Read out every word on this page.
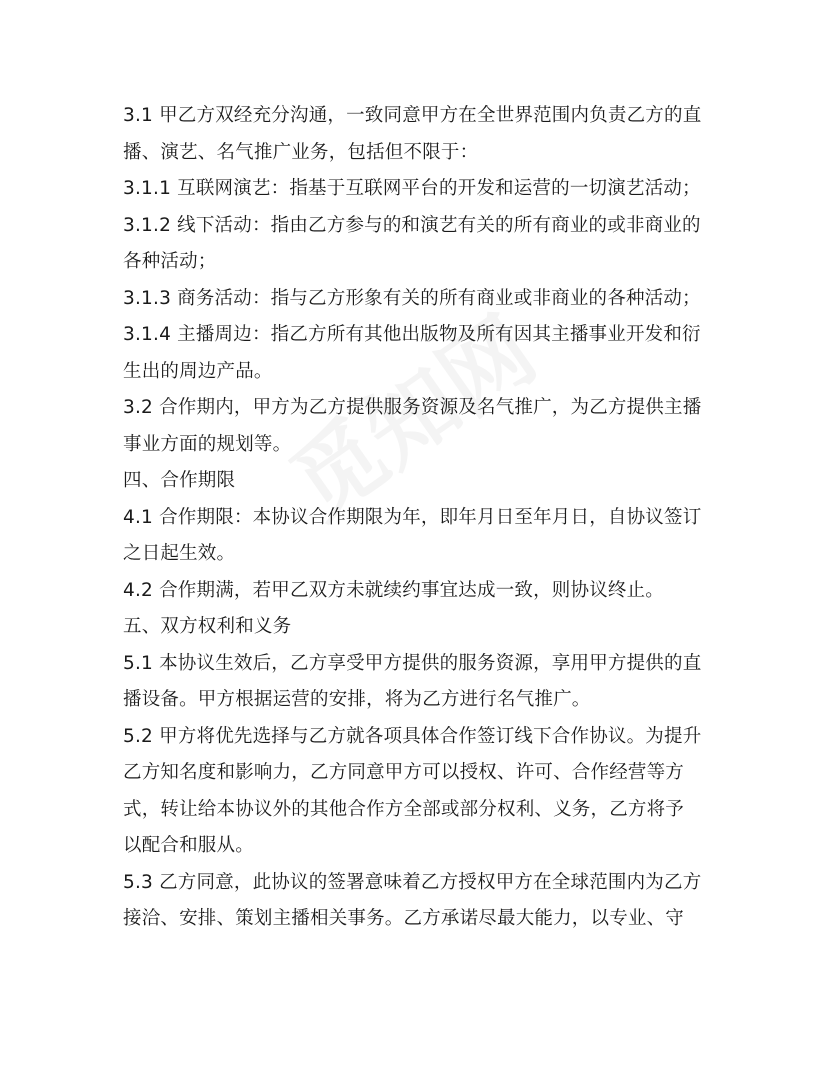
3.1 甲乙方双经充分沟通，一致同意甲方在全世界范围内负责乙方的直
播、演艺、名气推广业务，包括但不限于：
3.1.1 互联网演艺：指基于互联网平台的开发和运营的一切演艺活动；
3.1.2 线下活动：指由乙方参与的和演艺有关的所有商业的或非商业的
各种活动；
3.1.3 商务活动：指与乙方形象有关的所有商业或非商业的各种活动；
3.1.4 主播周边：指乙方所有其他出版物及所有因其主播事业开发和衍
生出的周边产品。
3.2 合作期内，甲方为乙方提供服务资源及名气推广，为乙方提供主播
事业方面的规划等。
四、合作期限
4.1 合作期限：本协议合作期限为年，即年月日至年月日，自协议签订
之日起生效。
4.2 合作期满，若甲乙双方未就续约事宜达成一致，则协议终止。
五、双方权利和义务
5.1 本协议生效后，乙方享受甲方提供的服务资源，享用甲方提供的直
播设备。甲方根据运营的安排，将为乙方进行名气推广。
5.2 甲方将优先选择与乙方就各项具体合作签订线下合作协议。为提升
乙方知名度和影响力，乙方同意甲方可以授权、许可、合作经营等方
式，转让给本协议外的其他合作方全部或部分权利、义务，乙方将予
以配合和服从。
5.3 乙方同意，此协议的签署意味着乙方授权甲方在全球范围内为乙方
接洽、安排、策划主播相关事务。乙方承诺尽最大能力，以专业、守
